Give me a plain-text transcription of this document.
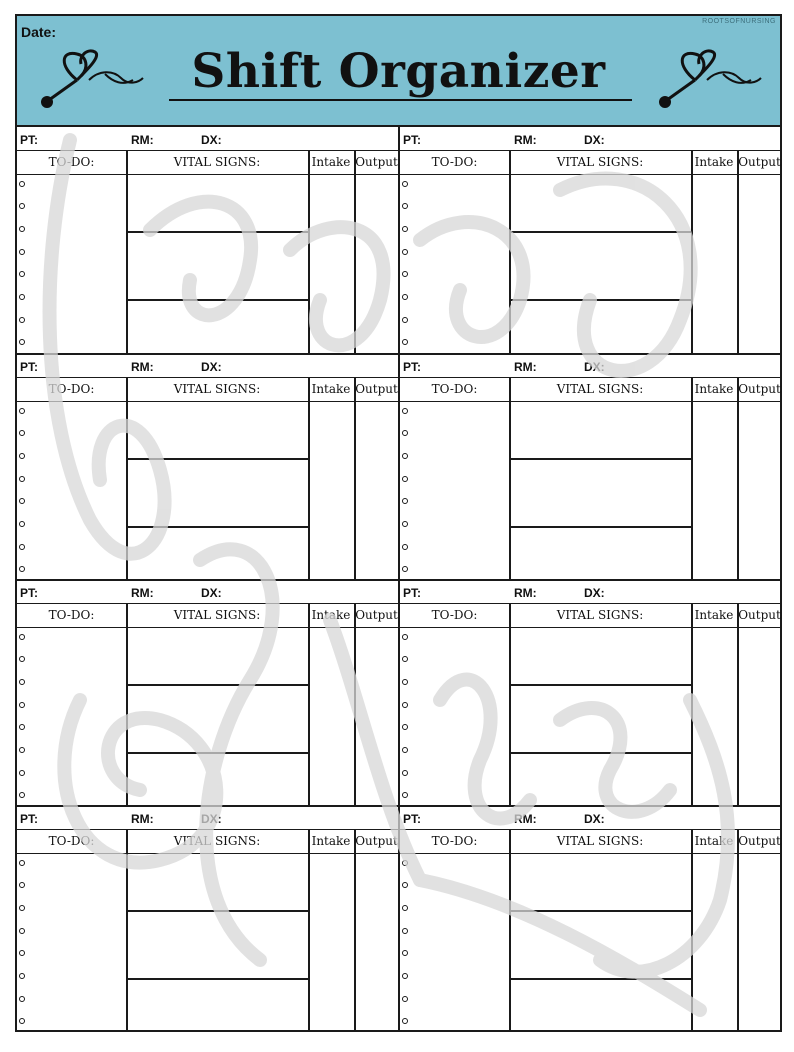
Date:
ROOTSOFNURSING
Shift Organizer
PT:	RM:	DX:
TO-DO:	VITAL SIGNS:	Intake Output
PT:	RM:	DX:
TO-DO:	VITAL SIGNS:	Intake Output
PT:	RM:	DX:
TO-DO:	VITAL SIGNS:	Intake Output
PT:	RM:	DX:
TO-DO:	VITAL SIGNS:	Intake Output
PT:	RM:	DX:
TO-DO:	VITAL SIGNS:	Intake Output
PT:	RM:	DX:
TO-DO:	VITAL SIGNS:	Intake Output
PT:	RM:	DX:
TO-DO:	VITAL SIGNS:	Intake Output
PT:	RM:	DX:
TO-DO:	VITAL SIGNS:	Intake Output
